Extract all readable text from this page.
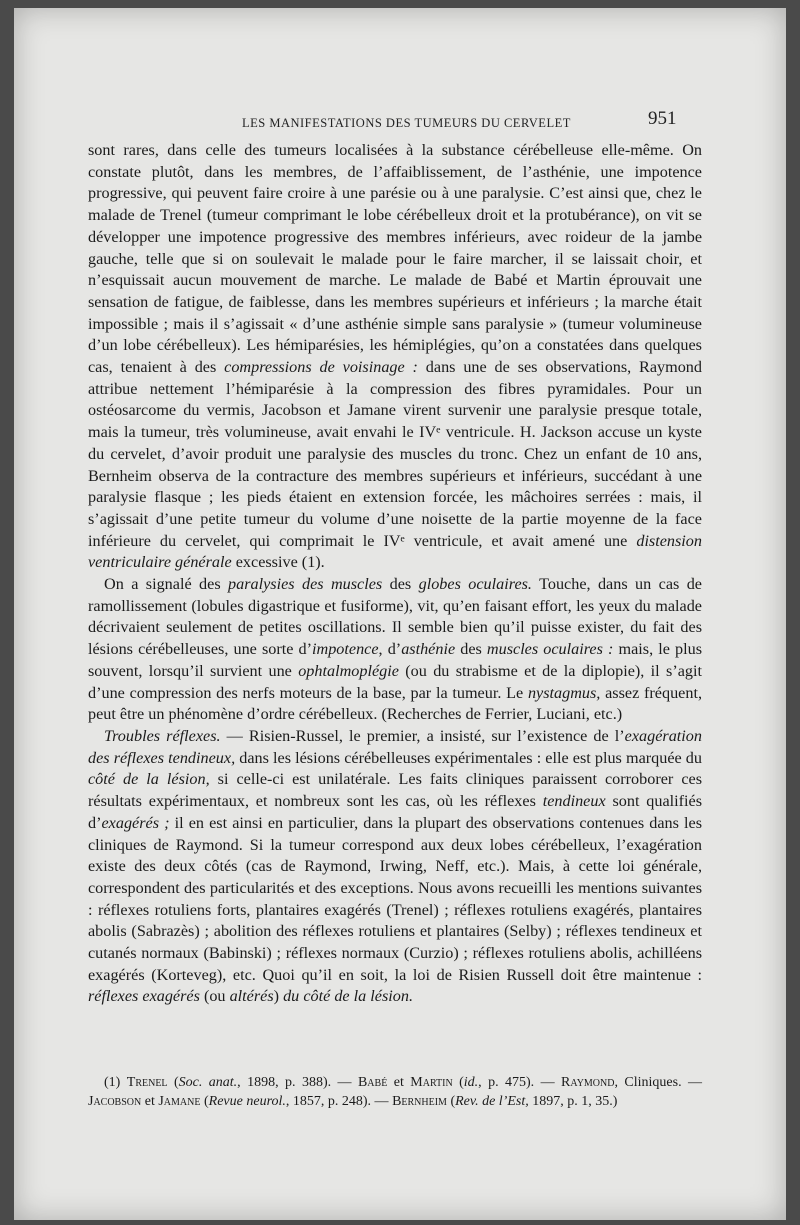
LES MANIFESTATIONS DES TUMEURS DU CERVELET	951

sont rares, dans celle des tumeurs localisées à la substance cérébelleuse elle-même. On constate plutôt, dans les membres, de l’affaiblissement, de l’asthénie, une impotence progressive, qui peuvent faire croire à une parésie ou à une paralysie. C’est ainsi que, chez le malade de Trenel (tumeur comprimant le lobe cérébelleux droit et la protubérance), on vit se développer une impotence progressive des membres inférieurs, avec roideur de la jambe gauche, telle que si on soulevait le malade pour le faire marcher, il se laissait choir, et n’esquissait aucun mouvement de marche. Le malade de Babé et Martin éprouvait une sensation de fatigue, de faiblesse, dans les membres supérieurs et inférieurs ; la marche était impossible ; mais il s’agissait « d’une asthénie simple sans paralysie » (tumeur volumineuse d’un lobe cérébelleux). Les hémiparésies, les hémiplégies, qu’on a constatées dans quelques cas, tenaient à des compressions de voisinage : dans une de ses observations, Raymond attribue nettement l’hémiparésie à la compression des fibres pyramidales. Pour un ostéosarcome du vermis, Jacobson et Jamane virent survenir une paralysie presque totale, mais la tumeur, très volumineuse, avait envahi le IVᵉ ventricule. H. Jackson accuse un kyste du cervelet, d’avoir produit une paralysie des muscles du tronc. Chez un enfant de 10 ans, Bernheim observa de la contracture des membres supérieurs et inférieurs, succédant à une paralysie flasque ; les pieds étaient en extension forcée, les mâchoires serrées : mais, il s’agissait d’une petite tumeur du volume d’une noisette de la partie moyenne de la face inférieure du cervelet, qui comprimait le IVᵉ ventricule, et avait amené une distension ventriculaire générale excessive (1).

On a signalé des paralysies des muscles des globes oculaires. Touche, dans un cas de ramollissement (lobules digastrique et fusiforme), vit, qu’en faisant effort, les yeux du malade décrivaient seulement de petites oscillations. Il semble bien qu’il puisse exister, du fait des lésions cérébelleuses, une sorte d’impotence, d’asthénie des muscles oculaires : mais, le plus souvent, lorsqu’il survient une ophtalmoplégie (ou du strabisme et de la diplopie), il s’agit d’une compression des nerfs moteurs de la base, par la tumeur. Le nystagmus, assez fréquent, peut être un phénomène d’ordre cérébelleux. (Recherches de Ferrier, Luciani, etc.)

Troubles réflexes. — Risien-Russel, le premier, a insisté, sur l’existence de l’exagération des réflexes tendineux, dans les lésions cérébelleuses expérimentales : elle est plus marquée du côté de la lésion, si celle-ci est unilatérale. Les faits cliniques paraissent corroborer ces résultats expérimentaux, et nombreux sont les cas, où les réflexes tendineux sont qualifiés d’exagérés ; il en est ainsi en particulier, dans la plupart des observations contenues dans les cliniques de Raymond. Si la tumeur correspond aux deux lobes cérébelleux, l’exagération existe des deux côtés (cas de Raymond, Irwing, Neff, etc.). Mais, à cette loi générale, correspondent des particularités et des exceptions. Nous avons recueilli les mentions suivantes : réflexes rotuliens forts, plantaires exagérés (Trenel) ; réflexes rotuliens exagérés, plantaires abolis (Sabrazès) ; abolition des réflexes rotuliens et plantaires (Selby) ; réflexes tendineux et cutanés normaux (Babinski) ; réflexes normaux (Curzio) ; réflexes rotuliens abolis, achilléens exagérés (Korteveg), etc. Quoi qu’il en soit, la loi de Risien Russell doit être maintenue : réflexes exagérés (ou altérés) du côté de la lésion.

(1) Trenel (Soc. anat., 1898, p. 388). — Babé et Martin (id., p. 475). — Raymond, Cliniques. — Jacobson et Jamane (Revue neurol., 1857, p. 248). — Bernheim (Rev. de l’Est, 1897, p. 1, 35.)
